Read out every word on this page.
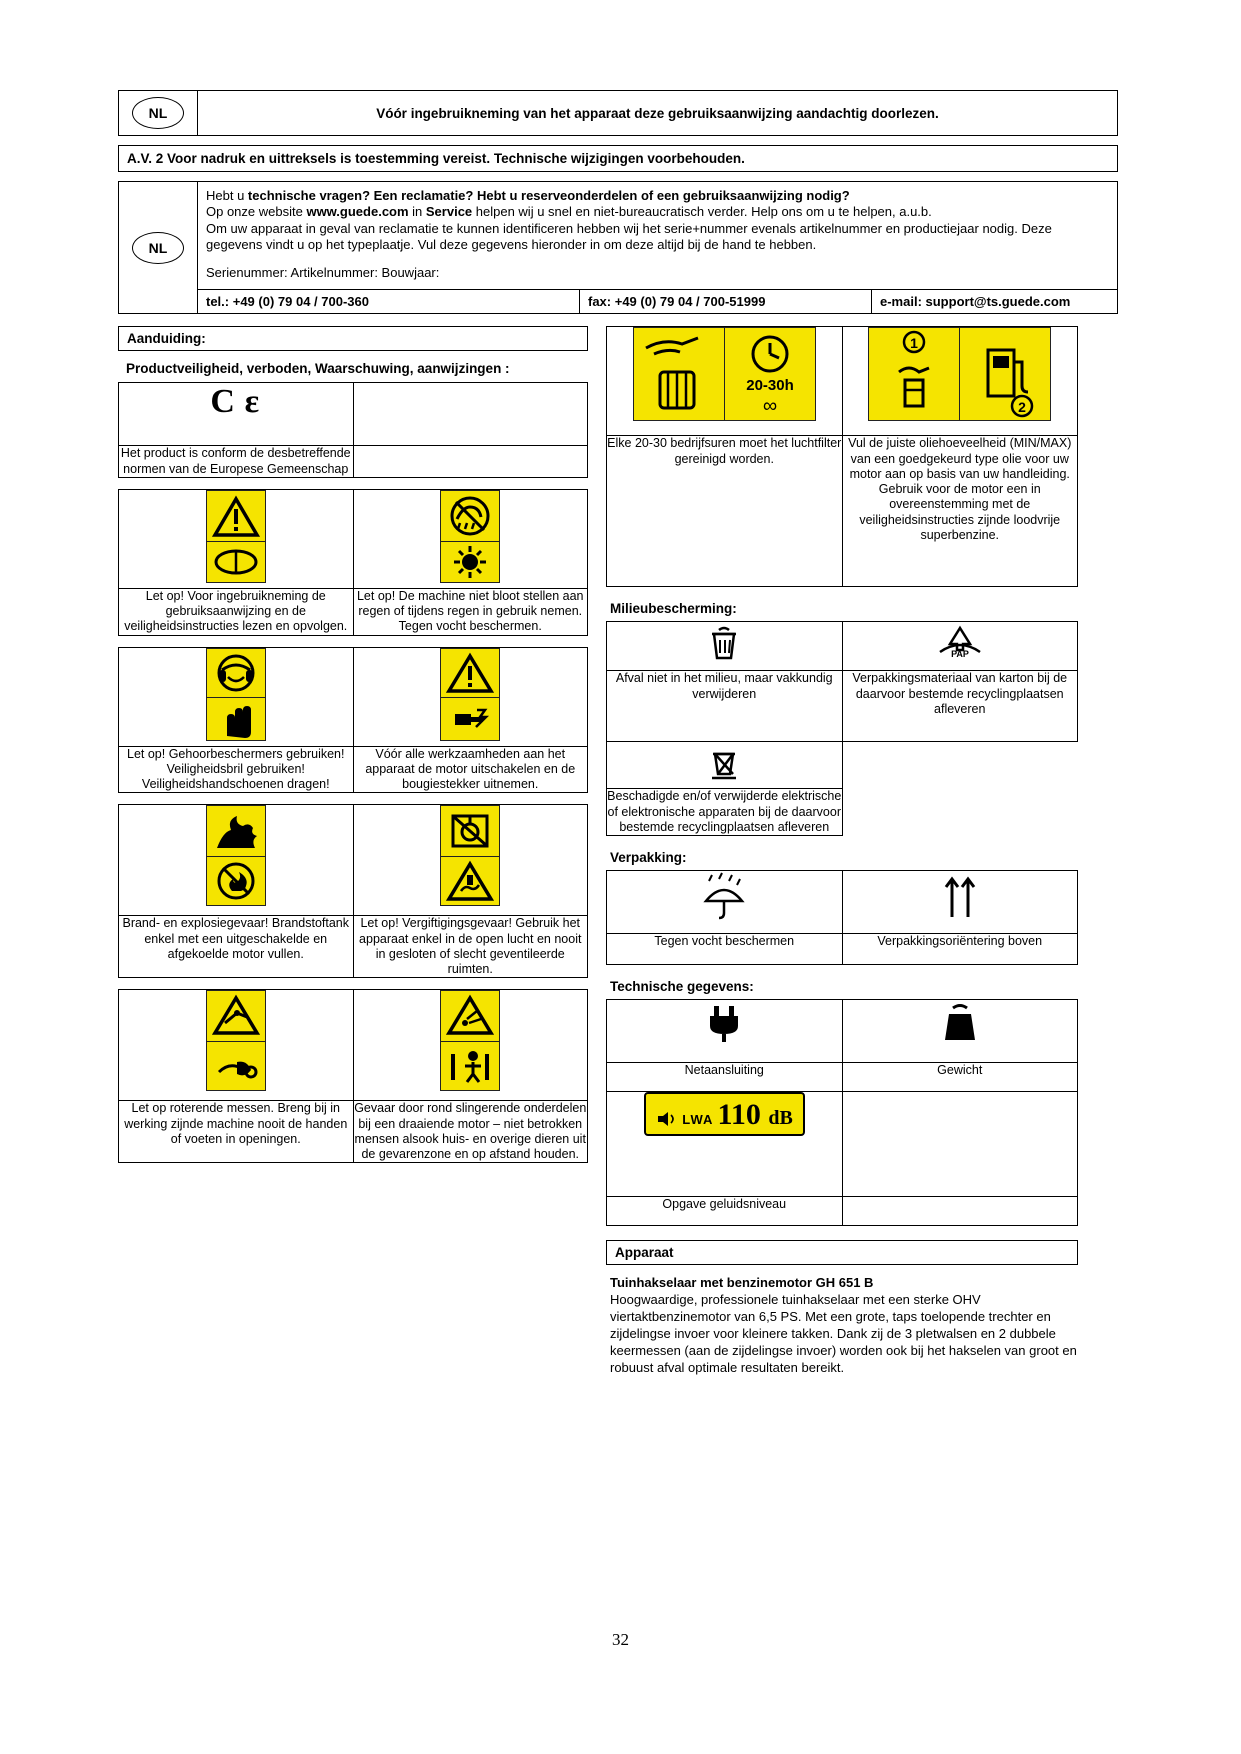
NL	Vóór ingebruikneming van het apparaat deze gebruiksaanwijzing aandachtig doorlezen.
A.V. 2 Voor nadruk en uittreksels is toestemming vereist. Technische wijzigingen voorbehouden.
NL
Hebt u technische vragen? Een reclamatie? Hebt u reserveonderdelen of een gebruiksaanwijzing nodig?
Op onze website www.guede.com in Service helpen wij u snel en niet-bureaucratisch verder. Help ons om u te helpen, a.u.b.
Om uw apparaat in geval van reclamatie te kunnen identificeren hebben wij het serie+nummer evenals artikelnummer en productiejaar nodig. Deze gegevens vindt u op het typeplaatje. Vul deze gegevens hieronder in om deze altijd bij de hand te hebben.
Serienummer: Artikelnummer: Bouwjaar:
tel.: +49 (0) 79 04 / 700-360	fax: +49 (0) 79 04 / 700-51999	e-mail: support@ts.guede.com
Aanduiding:
Productveiligheid, verboden, Waarschuwing, aanwijzingen :
C ε	
Het product is conform de desbetreffende normen van de Europese Gemeenschap	

Let op! Voor ingebruikneming de gebruiksaanwijzing en de veiligheidsinstructies lezen en opvolgen.	Let op! De machine niet bloot stellen aan regen of tijdens regen in gebruik nemen. Tegen vocht beschermen.

Let op! Gehoorbeschermers gebruiken! Veiligheidsbril gebruiken! Veiligheidshandschoenen dragen!	Vóór alle werkzaamheden aan het apparaat de motor uitschakelen en de bougiestekker uitnemen.

Brand- en explosiegevaar! Brandstoftank enkel met een uitgeschakelde en afgekoelde motor vullen.	Let op! Vergiftigingsgevaar! Gebruik het apparaat enkel in de open lucht en nooit in gesloten of slecht geventileerde ruimten.

Let op roterende messen. Breng bij in werking zijnde machine nooit de handen of voeten in openingen.	Gevaar door rond slingerende onderdelen bij een draaiende motor – niet betrokken mensen alsook huis- en overige dieren uit de gevarenzone en op afstand houden.
20-30h
∞	1
2

Elke 20-30 bedrijfsuren moet het luchtfilter gereinigd worden.	Vul de juiste oliehoeveelheid (MIN/MAX) van een goedgekeurd type olie voor uw motor aan op basis van uw handleiding. Gebruik voor de motor een in overeenstemming met de veiligheidsinstructies zijnde loodvrije superbenzine.
Milieubescherming:

PAP

Afval niet in het milieu, maar vakkundig verwijderen	Verpakkingsmateriaal van karton bij de daarvoor bestemde recyclingplaatsen afleveren

Beschadigde en/of verwijderde elektrische of elektronische apparaten bij de daarvoor bestemde recyclingplaatsen afleveren	
Verpakking:

Tegen vocht beschermen	Verpakkingsoriëntering boven
Technische gegevens:

Netaansluiting	Gewicht
LWA 110 dB	
Opgave geluidsniveau	
Apparaat
Tuinhakselaar met benzinemotor GH 651 B
Hoogwaardige, professionele tuinhakselaar met een sterke OHV viertaktbenzinemotor van 6,5 PS. Met een grote, taps toelopende trechter en zijdelingse invoer voor kleinere takken. Dank zij de 3 pletwalsen en 2 dubbele keermessen (aan de zijdelingse invoer) worden ook bij het hakselen van groot en robuust afval optimale resultaten bereikt.
32
